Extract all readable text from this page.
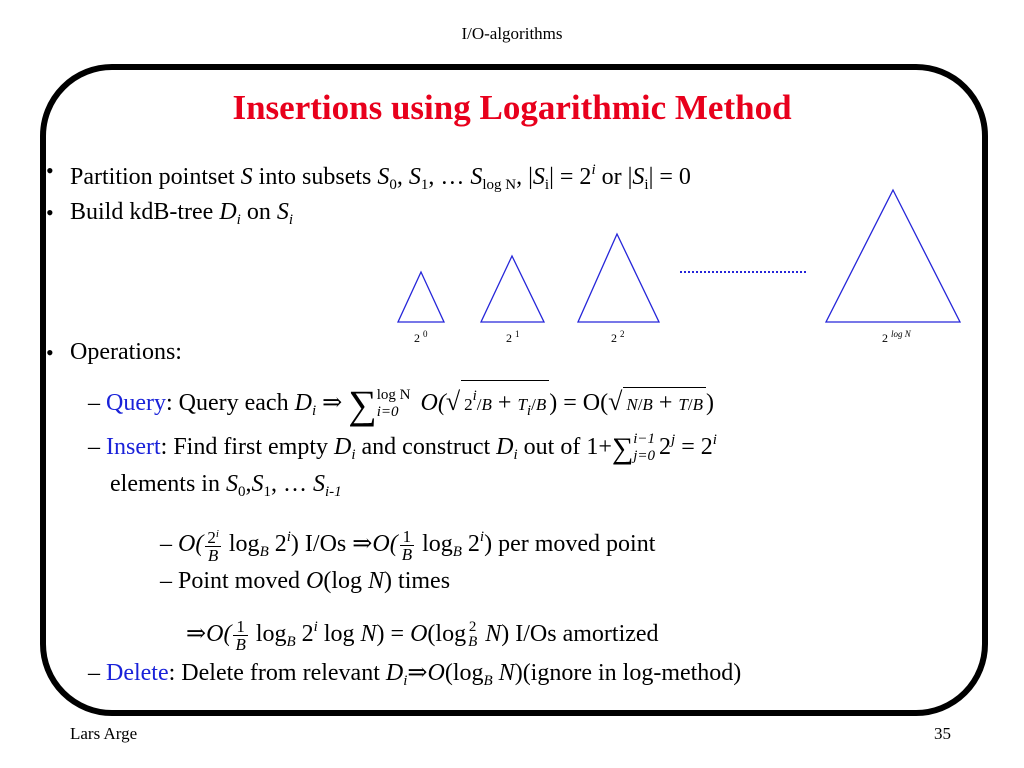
I/O-algorithms
Insertions using Logarithmic Method
• Partition pointset S into subsets $S_0$, $S_1$, … $S_{log N}$, $|S_i| = 2^i$ or $|S_i| = 0$
• Build kdB-tree $D_i$ on $S_i$
2 $^0$	2 $^1$	2 $^2$	2 $^{log N}$
• Operations:
– Query: Query each $D_i$ ⇒ ∑log N
i=0 O(√ $2^i/B + T_i/B$ ) = O(√ N/B + T/B )
– Insert: Find first empty $D_i$ and construct $D_i$ out of 1+∑i−1
j=0 $2^j = 2^i$
elements in $S_0,S_1$, … $S_{i-1}$
– $O( \frac{2^i}{B} \log_B 2^i)$ I/Os ⇒O( $\frac{1}{B} \log_B 2^i$) per moved point
– Point moved O(log N) times
⇒O( $\frac{1}{B} \log_B 2^i$ log N) = O(log 2
B N) I/Os amortized
– Delete: Delete from relevant $D_i\Rightarrow O(\log_B$ N)(ignore in log-method)
Lars Arge	35
